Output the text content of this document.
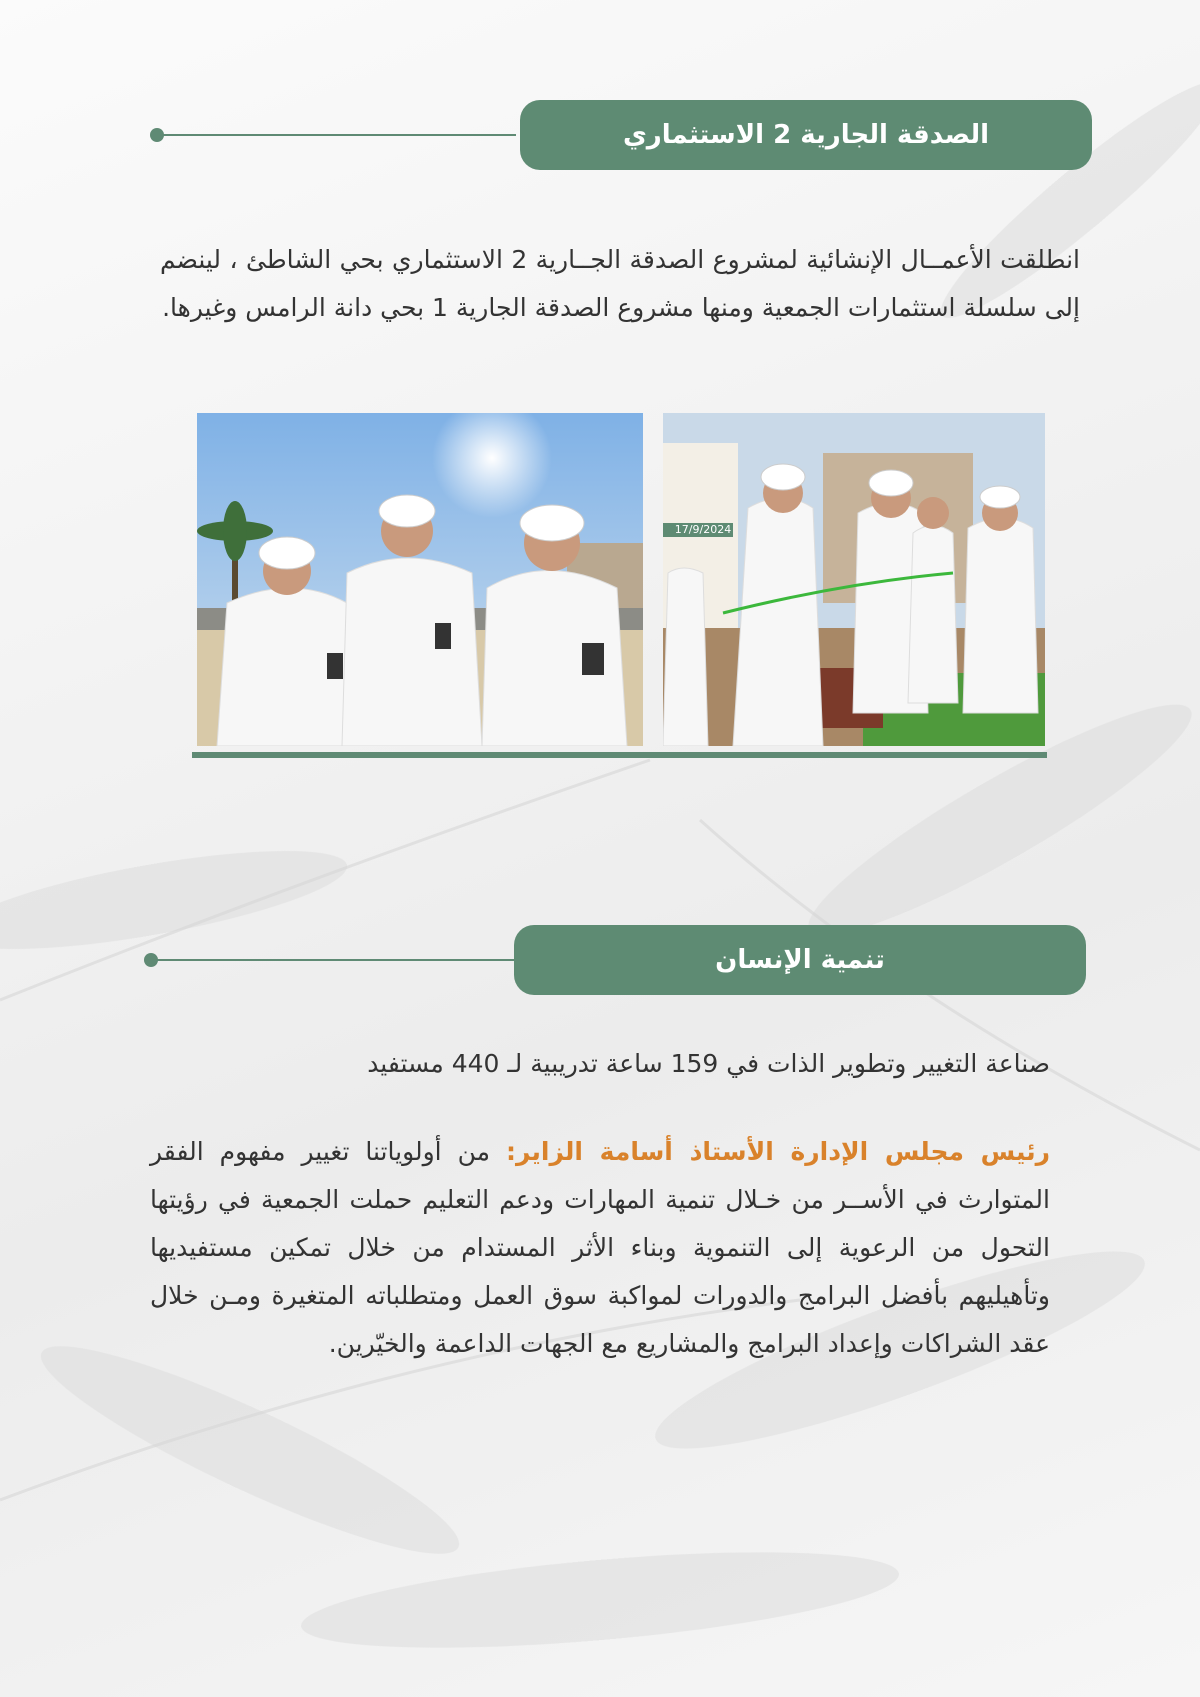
الصدقة الجارية 2 الاستثماري
انطلقت الأعمــال الإنشائية لمشروع الصدقة الجــارية 2 الاستثماري بحي الشاطئ ، لينضم إلى سلسلة استثمارات الجمعية ومنها مشروع الصدقة الجارية 1 بحي دانة الرامس وغيرها.
17/9/2024
تنمية الإنسان
صناعة التغيير وتطوير الذات في 159 ساعة تدريبية لـ 440 مستفيد
رئيس مجلس الإدارة الأستاذ أسامة الزاير: من أولوياتنا تغيير مفهوم الفقر المتوارث في الأســر من خـلال تنمية المهارات ودعم التعليم حملت الجمعية في رؤيتها التحول من الرعوية إلى التنموية وبناء الأثر المستدام من خلال تمكين مستفيديها وتأهيليهم بأفضل البرامج والدورات لمواكبة سوق العمل ومتطلباته المتغيرة ومـن خلال عقد الشراكات وإعداد البرامج والمشاريع مع الجهات الداعمة والخيّرين.
